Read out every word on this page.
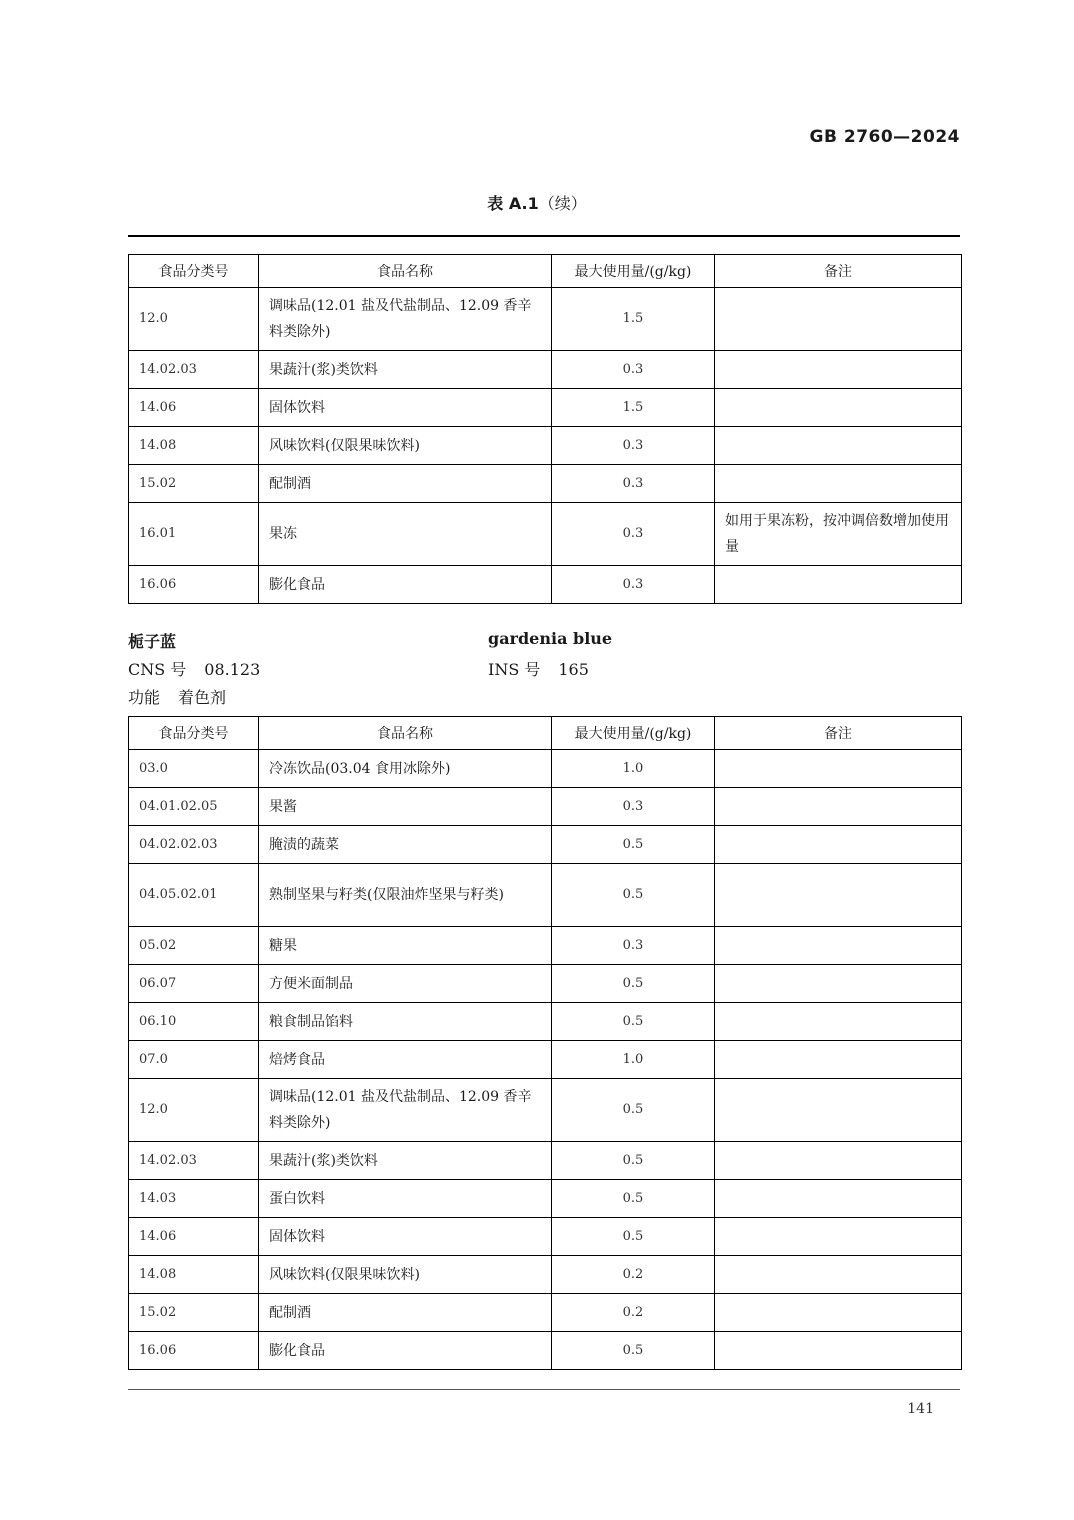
GB 2760—2024
表 A.1（续）
食品分类号	食品名称	最大使用量/(g/kg)	备注
12.0	调味品(12.01 盐及代盐制品、12.09 香辛料类除外)	1.5	
14.02.03	果蔬汁(浆)类饮料	0.3	
14.06	固体饮料	1.5	
14.08	风味饮料(仅限果味饮料)	0.3	
15.02	配制酒	0.3	
16.01	果冻	0.3	如用于果冻粉，按冲调倍数增加使用量
16.06	膨化食品	0.3	
栀子蓝	gardenia blue
CNS 号 08.123	INS 号 165
功能 着色剂
食品分类号	食品名称	最大使用量/(g/kg)	备注
03.0	冷冻饮品(03.04 食用冰除外)	1.0	
04.01.02.05	果酱	0.3	
04.02.02.03	腌渍的蔬菜	0.5	
04.05.02.01	熟制坚果与籽类(仅限油炸坚果与籽类)	0.5	
05.02	糖果	0.3	
06.07	方便米面制品	0.5	
06.10	粮食制品馅料	0.5	
07.0	焙烤食品	1.0	
12.0	调味品(12.01 盐及代盐制品、12.09 香辛料类除外)	0.5	
14.02.03	果蔬汁(浆)类饮料	0.5	
14.03	蛋白饮料	0.5	
14.06	固体饮料	0.5	
14.08	风味饮料(仅限果味饮料)	0.2	
15.02	配制酒	0.2	
16.06	膨化食品	0.5	
141
